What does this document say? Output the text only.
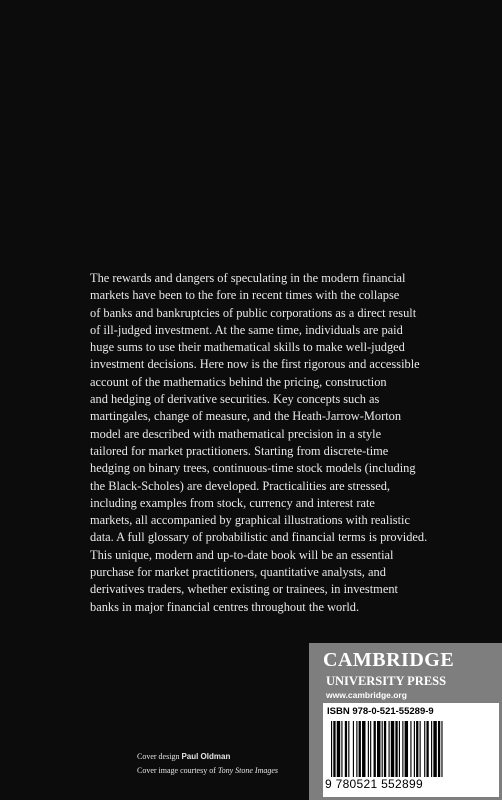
The rewards and dangers of speculating in the modern financial
markets have been to the fore in recent times with the collapse
of banks and bankruptcies of public corporations as a direct result
of ill-judged investment. At the same time, individuals are paid
huge sums to use their mathematical skills to make well-judged
investment decisions. Here now is the first rigorous and accessible
account of the mathematics behind the pricing, construction
and hedging of derivative securities. Key concepts such as
martingales, change of measure, and the Heath-Jarrow-Morton
model are described with mathematical precision in a style
tailored for market practitioners. Starting from discrete-time
hedging on binary trees, continuous-time stock models (including
the Black-Scholes) are developed. Practicalities are stressed,
including examples from stock, currency and interest rate
markets, all accompanied by graphical illustrations with realistic
data. A full glossary of probabilistic and financial terms is provided.
This unique, modern and up-to-date book will be an essential
purchase for market practitioners, quantitative analysts, and
derivatives traders, whether existing or trainees, in investment
banks in major financial centres throughout the world.
Cover design Paul Oldman
Cover image courtesy of Tony Stone Images
CAMBRIDGE
UNIVERSITY PRESS
www.cambridge.org
ISBN 978-0-521-55289-9
9 780521 552899
